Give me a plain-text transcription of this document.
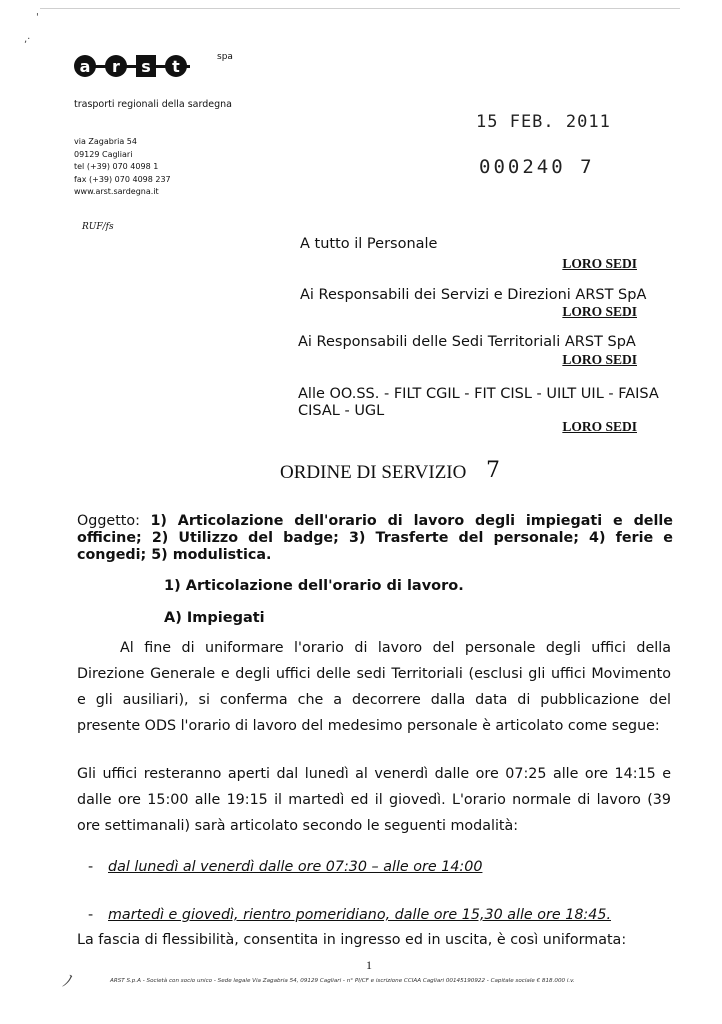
'
,·
a	r	s	t	spa
trasporti regionali della sardegna
via Zagabria 54
09129 Cagliari
tel (+39) 070 4098 1
fax (+39) 070 4098 237
www.arst.sardegna.it
RUF/fs
15 FEB. 2011
000240 7
A tutto il Personale
LORO SEDI
Ai Responsabili dei Servizi e Direzioni ARST SpA
LORO SEDI
Ai Responsabili delle Sedi Territoriali ARST SpA
LORO SEDI
Alle OO.SS. - FILT CGIL - FIT CISL - UILT UIL - FAISA
CISAL - UGL
LORO SEDI
ORDINE DI SERVIZIO 7
Oggetto: 1) Articolazione dell'orario di lavoro degli impiegati e delle officine; 2) Utilizzo del badge; 3) Trasferte del personale; 4) ferie e congedi; 5) modulistica.
1) Articolazione dell'orario di lavoro.
A) Impiegati
Al fine di uniformare l'orario di lavoro del personale degli uffici della Direzione Generale e degli uffici delle sedi Territoriali (esclusi gli uffici Movimento e gli ausiliari), si conferma che a decorrere dalla data di pubblicazione del presente ODS l'orario di lavoro del medesimo personale è articolato come segue:
Gli uffici resteranno aperti dal lunedì al venerdì dalle ore 07:25 alle ore 14:15 e dalle ore 15:00 alle 19:15 il martedì ed il giovedì. L'orario normale di lavoro (39 ore settimanali) sarà articolato secondo le seguenti modalità:
- dal lunedì al venerdì dalle ore 07:30 – alle ore 14:00
- martedì e giovedì, rientro pomeridiano, dalle ore 15,30 alle ore 18:45.
La fascia di flessibilità, consentita in ingresso ed in uscita, è così uniformata:
1
ノ	ARST S.p.A - Società con socio unico - Sede legale Via Zagabria 54, 09129 Cagliari - n° PI/CF e iscrizione CCIAA Cagliari 00145190922 - Capitale sociale € 818.000 i.v.
